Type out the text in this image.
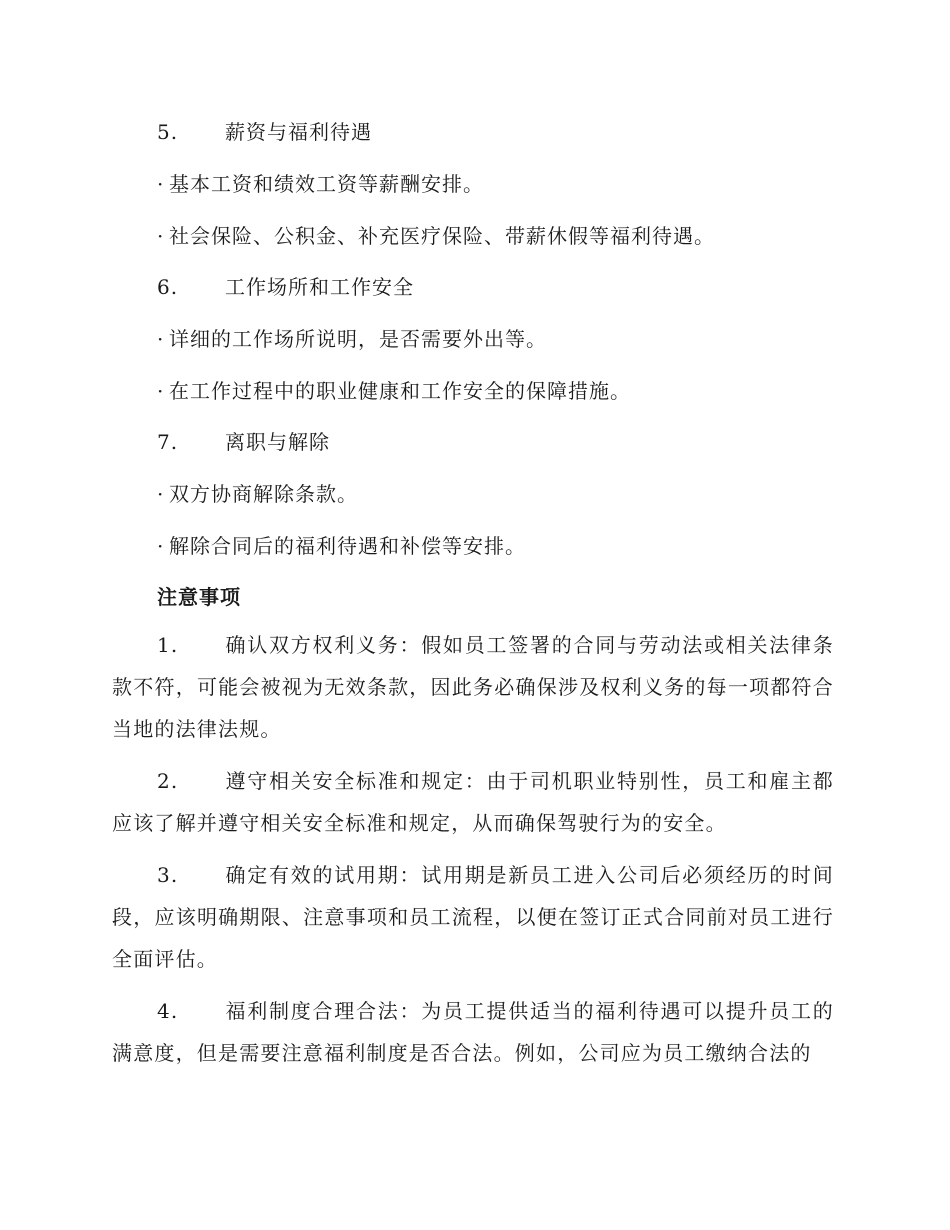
5. 薪资与福利待遇
· 基本工资和绩效工资等薪酬安排。
· 社会保险、公积金、补充医疗保险、带薪休假等福利待遇。
6. 工作场所和工作安全
· 详细的工作场所说明，是否需要外出等。
· 在工作过程中的职业健康和工作安全的保障措施。
7. 离职与解除
· 双方协商解除条款。
· 解除合同后的福利待遇和补偿等安排。
注意事项
1. 确认双方权利义务：假如员工签署的合同与劳动法或相关法律条款不符，可能会被视为无效条款，因此务必确保涉及权利义务的每一项都符合当地的法律法规。
2. 遵守相关安全标准和规定：由于司机职业特别性，员工和雇主都应该了解并遵守相关安全标准和规定，从而确保驾驶行为的安全。
3. 确定有效的试用期：试用期是新员工进入公司后必须经历的时间段，应该明确期限、注意事项和员工流程，以便在签订正式合同前对员工进行全面评估。
4. 福利制度合理合法：为员工提供适当的福利待遇可以提升员工的满意度，但是需要注意福利制度是否合法。例如，公司应为员工缴纳合法的
